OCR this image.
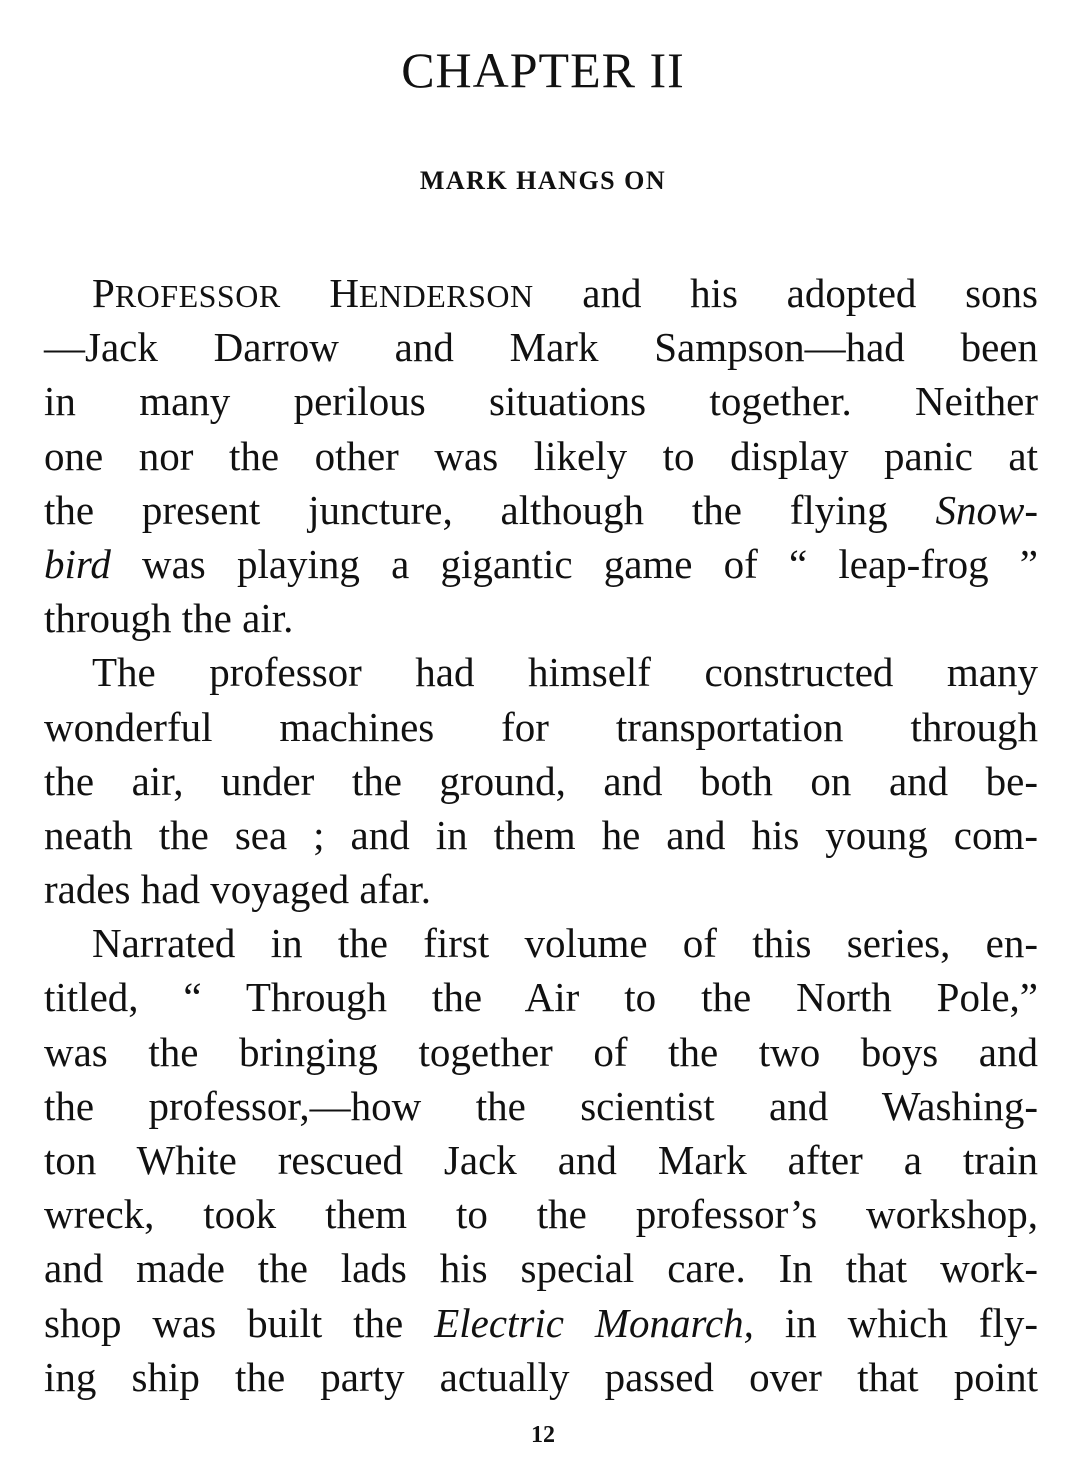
CHAPTER II
MARK HANGS ON
PROFESSOR HENDERSON and his adopted sons
—Jack Darrow and Mark Sampson—had been
in many perilous situations together. Neither
one nor the other was likely to display panic at
the present juncture, although the flying Snow-
bird was playing a gigantic game of “ leap-frog ”
through the air.
The professor had himself constructed many
wonderful machines for transportation through
the air, under the ground, and both on and be-
neath the sea ; and in them he and his young com-
rades had voyaged afar.
Narrated in the first volume of this series, en-
titled, “ Through the Air to the North Pole,”
was the bringing together of the two boys and
the professor,—how the scientist and Washing-
ton White rescued Jack and Mark after a train
wreck, took them to the professor’s workshop,
and made the lads his special care. In that work-
shop was built the Electric Monarch, in which fly-
ing ship the party actually passed over that point
12
